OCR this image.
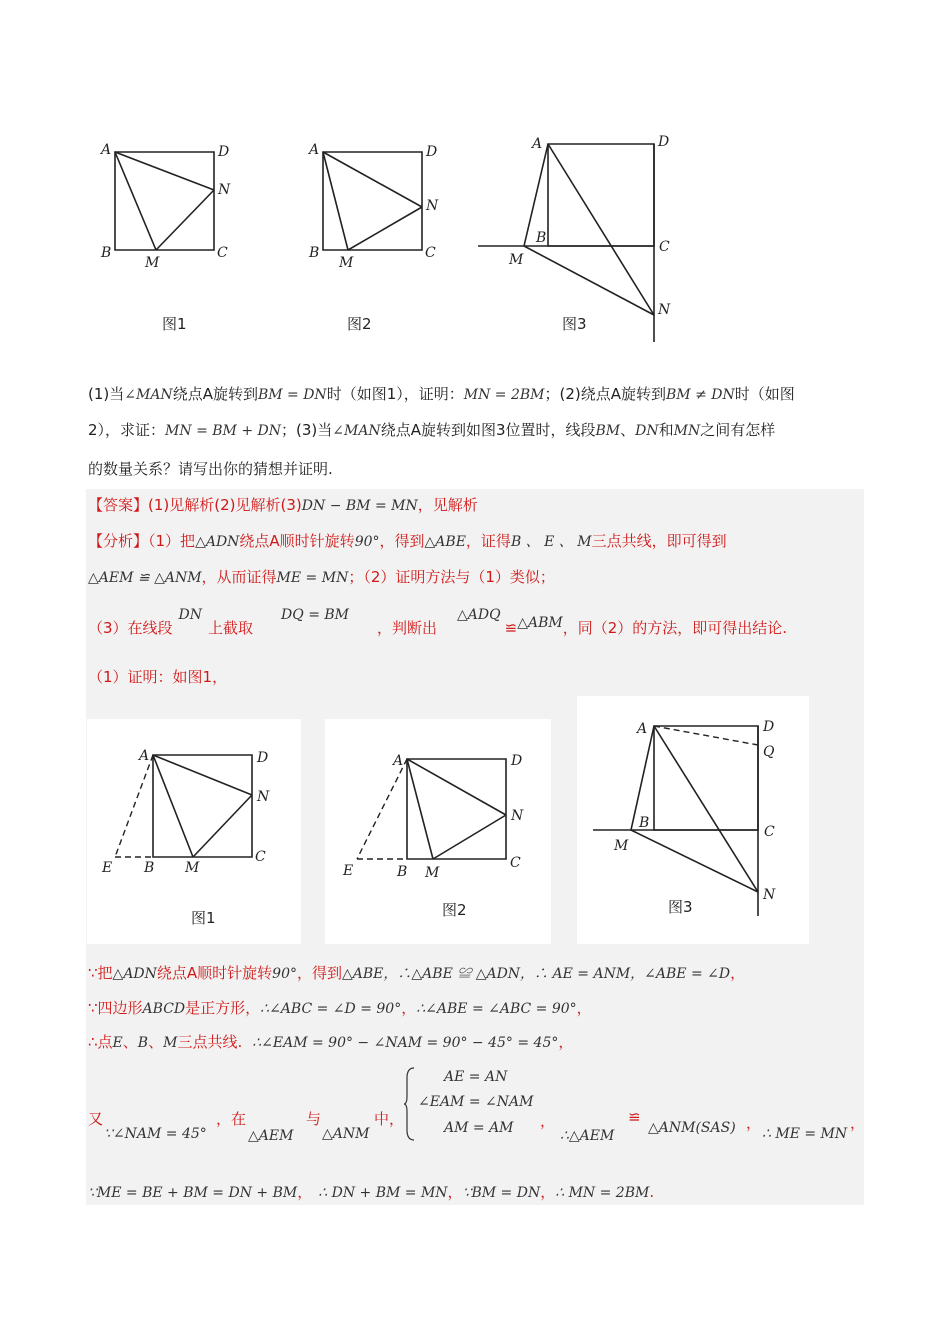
A	D
N
B
M
C
图1
A	D
N
B
M
C
图2
A	D
B
C
M
N
图3
(1)当∠MAN绕点A旋转到BM = DN时（如图1），证明：MN = 2BM；(2)绕点A旋转到BM ≠ DN时（如图
2），求证：MN = BM + DN；(3)当∠MAN绕点A旋转到如图3位置时，线段BM、DN和MN之间有怎样
的数量关系？请写出你的猜想并证明.
【答案】(1)见解析(2)见解析(3)DN − BM = MN，见解析
【分析】（1）把△ADN绕点A顺时针旋转90°，得到△ABE，证得B 、 E 、 M三点共线，即可得到
△AEM ≌ △ANM，从而证得ME = MN；（2）证明方法与（1）类似；
（3）在线段DN上截取DQ = BM，判断出△ADQ≌△ABM，同（2）的方法，即可得出结论.
（1）证明：如图1，
A	D
N
E B M
C
图1
A	D
N
E	B M
C
图2
A	D
Q
B
C
M
N
图3
∵把△ADN绕点A顺时针旋转90°，得到△ABE，∴△ABE ≌ △ADN，∴ AE = ANM，∠ABE = ∠D，
∵四边形ABCD是正方形，∴∠ABC = ∠D = 90°，∴∠ABE = ∠ABC = 90°，
∴点E、B、M三点共线. ∴∠EAM = 90° − ∠NAM = 90° − 45° = 45°，
又
∵∠NAM = 45°
，在
△AEM
与
△ANM
中，
AE = AN
∠EAM = ∠NAM
AM = AM ，
∴△AEM
≌
△ANM(SAS) ，
∴ ME = MN
，
∵ME = BE + BM = DN + BM， ∴ DN + BM = MN，∵BM = DN，∴ MN = 2BM.
